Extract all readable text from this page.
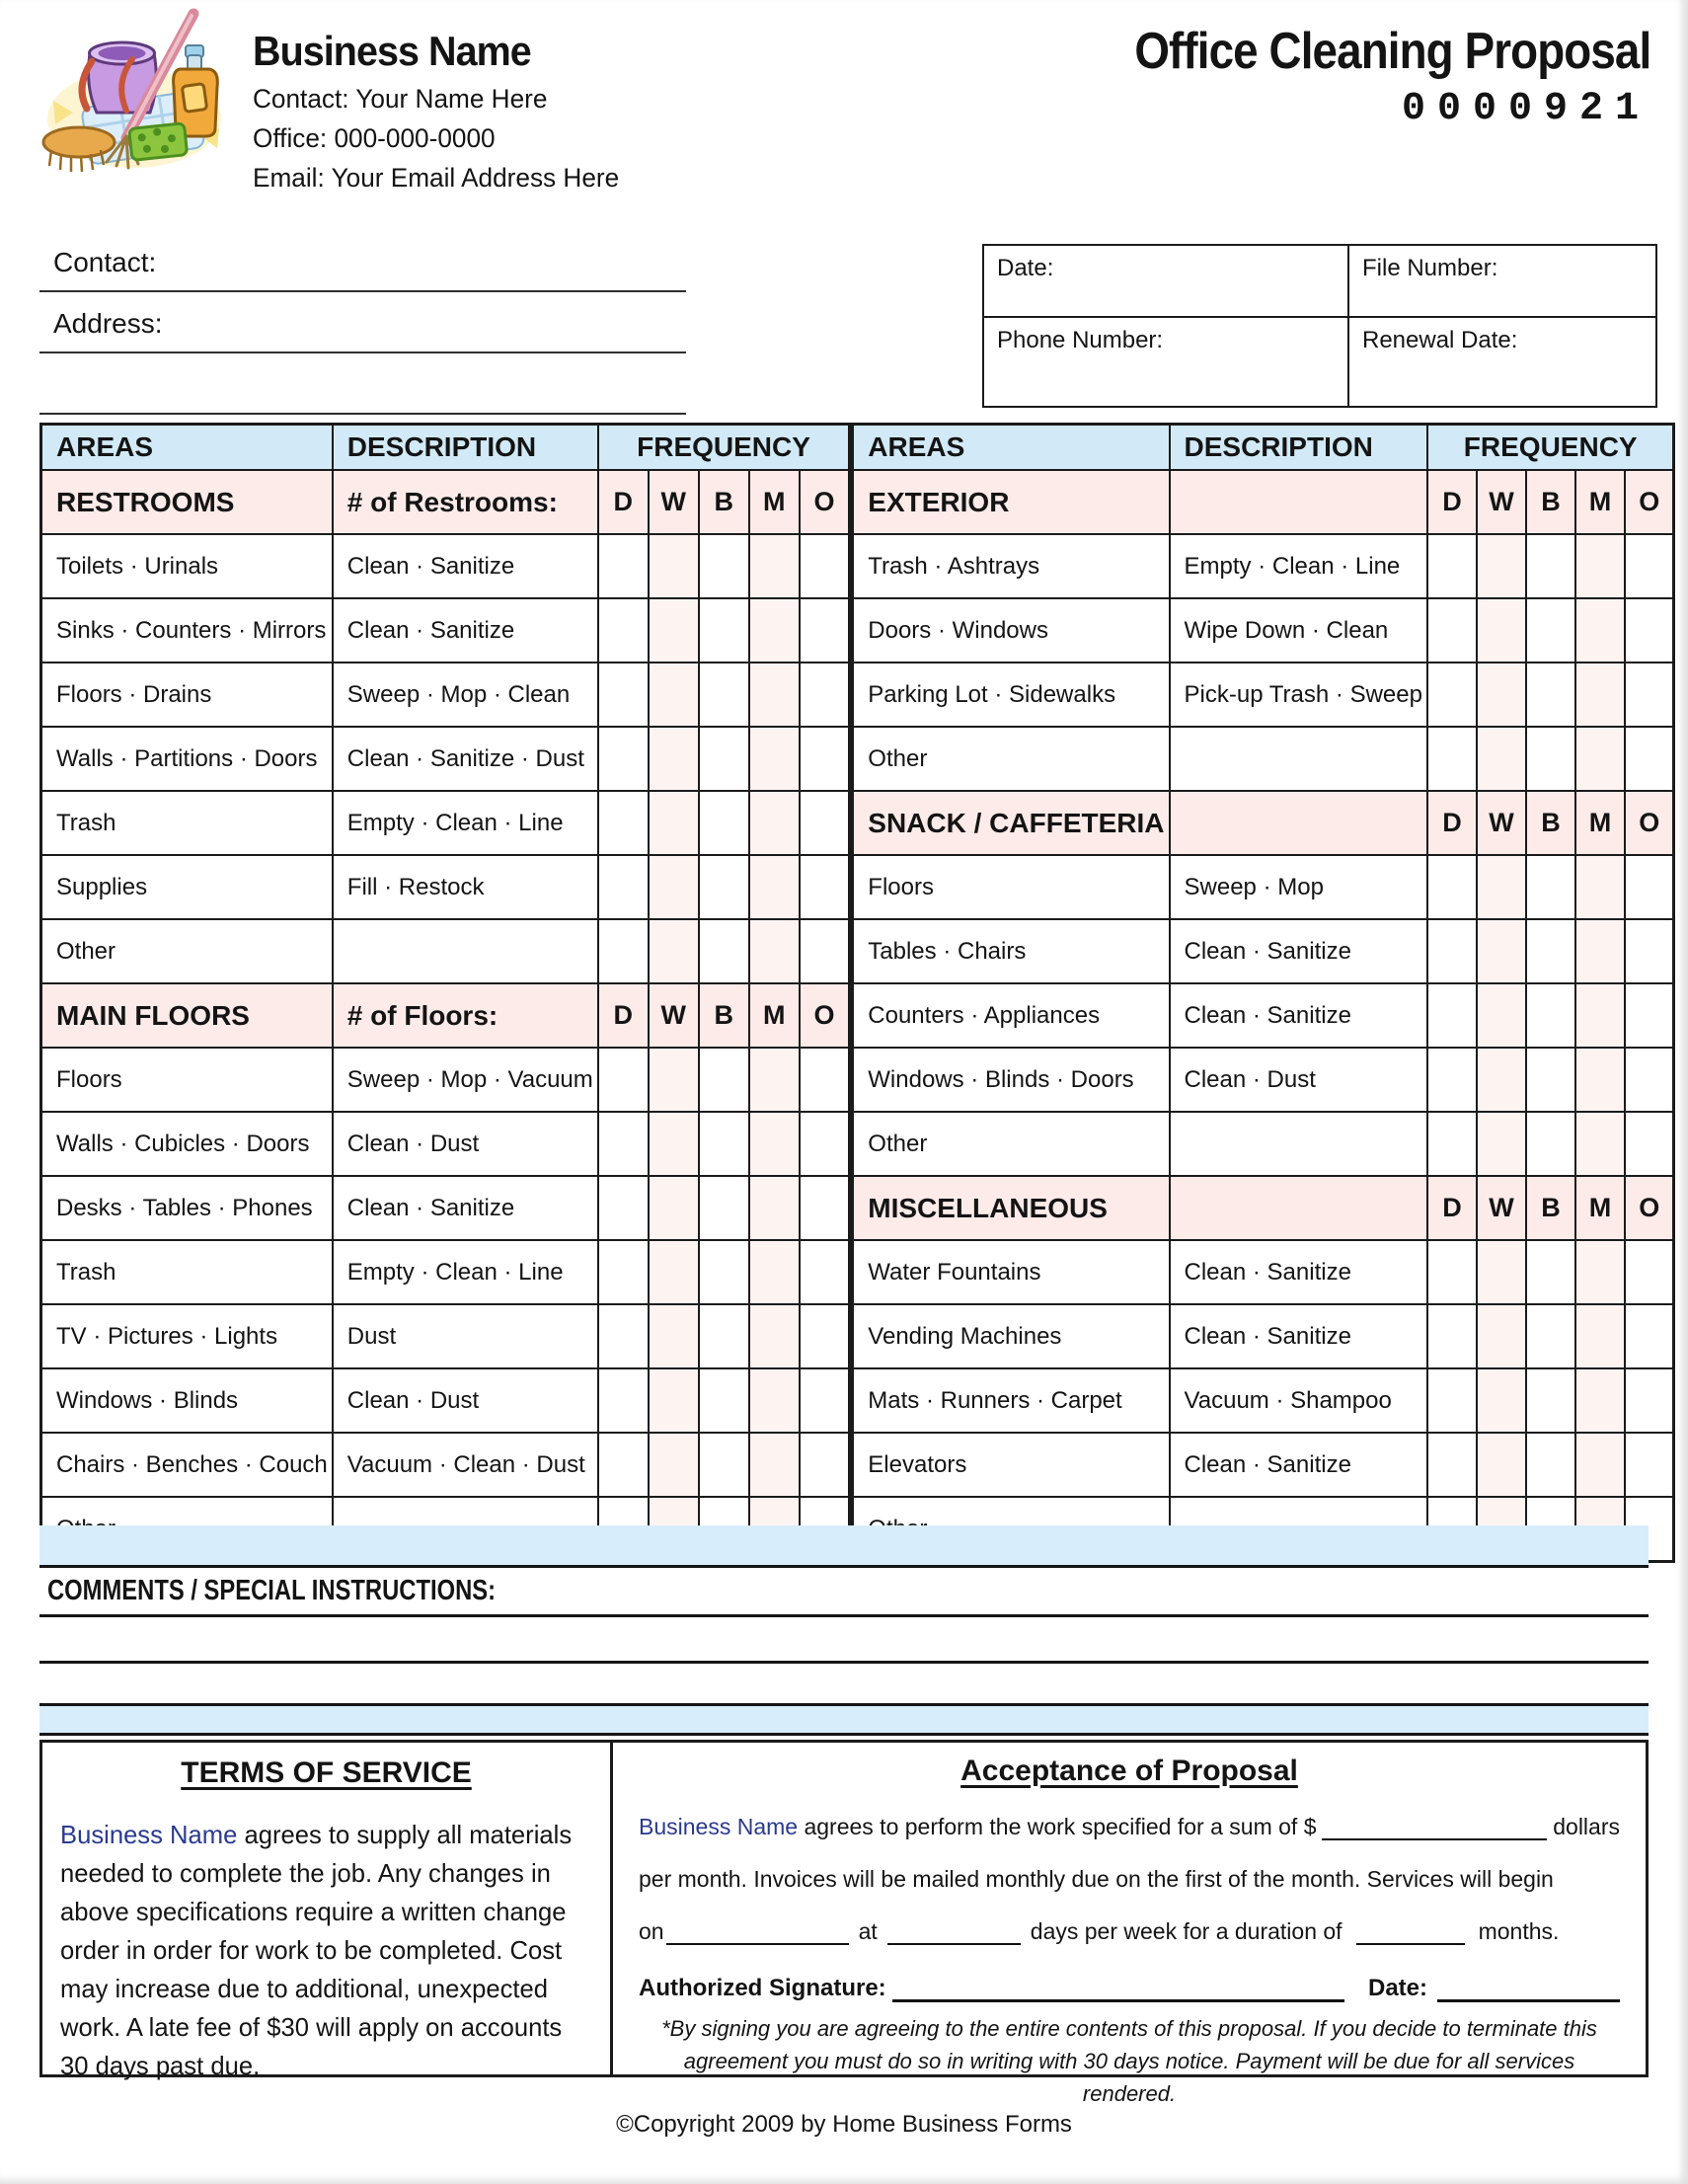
Business Name
Contact: Your Name Here
Office: 000-000-0000
Email: Your Email Address Here
Office Cleaning Proposal
0000921
Contact:
Address:
Date:	File Number:
Phone Number:	Renewal Date:
AREAS	DESCRIPTION	FREQUENCY				
RESTROOMS	# of Restrooms:	D	W	B	M	O
Toilets · Urinals	Clean · Sanitize					
Sinks · Counters · Mirrors	Clean · Sanitize					
Floors · Drains	Sweep · Mop · Clean					
Walls · Partitions · Doors	Clean · Sanitize · Dust					
Trash	Empty · Clean · Line					
Supplies	Fill · Restock					
Other						
MAIN FLOORS	# of Floors:	D	W	B	M	O
Floors	Sweep · Mop · Vacuum					
Walls · Cubicles · Doors	Clean · Dust					
Desks · Tables · Phones	Clean · Sanitize					
Trash	Empty · Clean · Line					
TV · Pictures · Lights	Dust					
Windows · Blinds	Clean · Dust					
Chairs · Benches · Couch	Vacuum · Clean · Dust					

AREAS	DESCRIPTION	FREQUENCY				
EXTERIOR		D	W	B	M	O
Trash · Ashtrays	Empty · Clean · Line					
Doors · Windows	Wipe Down · Clean					
Parking Lot · Sidewalks	Pick-up Trash · Sweep					
Other						
SNACK / CAFFETERIA		D	W	B	M	O
Floors	Sweep · Mop					
Tables · Chairs	Clean · Sanitize					
Counters · Appliances	Clean · Sanitize					
Windows · Blinds · Doors	Clean · Dust					
Other						
MISCELLANEOUS		D	W	B	M	O
Water Fountains	Clean · Sanitize					
Vending Machines	Clean · Sanitize					
Mats · Runners · Carpet	Vacuum · Shampoo					
Elevators	Clean · Sanitize					

COMMENTS / SPECIAL INSTRUCTIONS:
TERMS OF SERVICE
Business Name agrees to supply all materials needed to complete the job. Any changes in above specifications require a written change order in order for work to be completed. Cost may increase due to additional, unexpected work. A late fee of $30 will apply on accounts 30 days past due.
Acceptance of Proposal
Business Name agrees to perform the work specified for a sum of $	dollars
per month. Invoices will be mailed monthly due on the first of the month. Services will begin
on	at	days per week for a duration of	months.
Authorized Signature:	Date:
*By signing you are agreeing to the entire contents of this proposal. If you decide to terminate this agreement you must do so in writing with 30 days notice. Payment will be due for all services rendered.
©Copyright 2009 by Home Business Forms
